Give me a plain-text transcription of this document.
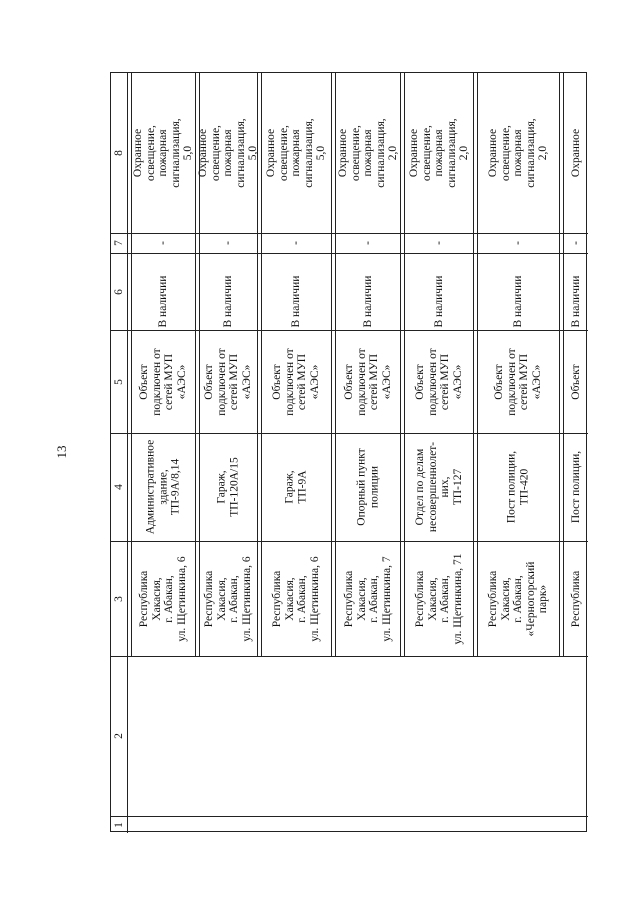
13
1
2
3
4
5
6
7
8
Республика
Хакасия,
г. Абакан,
ул. Щетинкина, 6
Административное
здание,
ТП-9А/8,14
Объект
подключен от
сетей МУП
«АЭС»
В наличии
-
Охранное
освещение,
пожарная
сигнализация,
5,0
Республика
Хакасия,
г. Абакан,
ул. Щетинкина, 6
Гараж,
ТП-120А/15
Объект
подключен от
сетей МУП
«АЭС»
В наличии
-
Охранное
освещение,
пожарная
сигнализация,
5,0
Республика
Хакасия,
г. Абакан,
ул. Щетинкина, 6
Гараж,
ТП-9А
Объект
подключен от
сетей МУП
«АЭС»
В наличии
-
Охранное
освещение,
пожарная
сигнализация,
5,0
Республика
Хакасия,
г. Абакан,
ул. Щетинкина, 7
Опорный пункт
полиции
Объект
подключен от
сетей МУП
«АЭС»
В наличии
-
Охранное
освещение,
пожарная
сигнализация,
2,0
Республика
Хакасия,
г. Абакан,
ул. Щетинкина, 71
Отдел по делам
несовершеннолет-
них,
ТП-127
Объект
подключен от
сетей МУП
«АЭС»
В наличии
-
Охранное
освещение,
пожарная
сигнализация,
2,0
Республика
Хакасия,
г. Абакан,
«Черногорский
парк»
Пост полиции,
ТП-420
Объект
подключен от
сетей МУП
«АЭС»
В наличии
-
Охранное
освещение,
пожарная
сигнализация,
2,0
Республика
Пост полиции,
Объект
В наличии
-
Охранное
